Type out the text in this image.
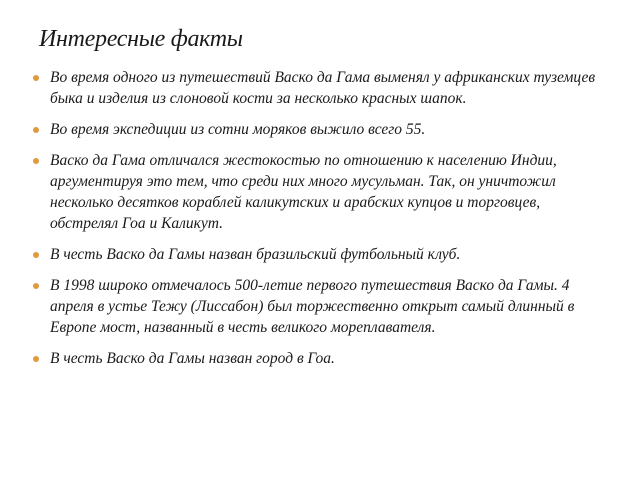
Интересные факты
Во время одного из путешествий Васко да Гама выменял у африканских туземцев быка и изделия из слоновой кости за несколько красных шапок.
Во время экспедиции из сотни моряков выжило всего 55.
Васко да Гама отличался жестокостью по отношению к населению Индии, аргументируя это тем, что среди них много мусульман. Так, он уничтожил несколько десятков кораблей каликутских и арабских купцов и торговцев, обстрелял Гоа и Каликут.
В честь Васко да Гамы назван бразильский футбольный клуб.
В 1998 широко отмечалось 500-летие первого путешествия Васко да Гамы. 4 апреля в устье Тежу (Лиссабон) был торжественно открыт самый длинный в Европе мост, названный в честь великого мореплавателя.
В честь Васко да Гамы назван город в Гоа.
